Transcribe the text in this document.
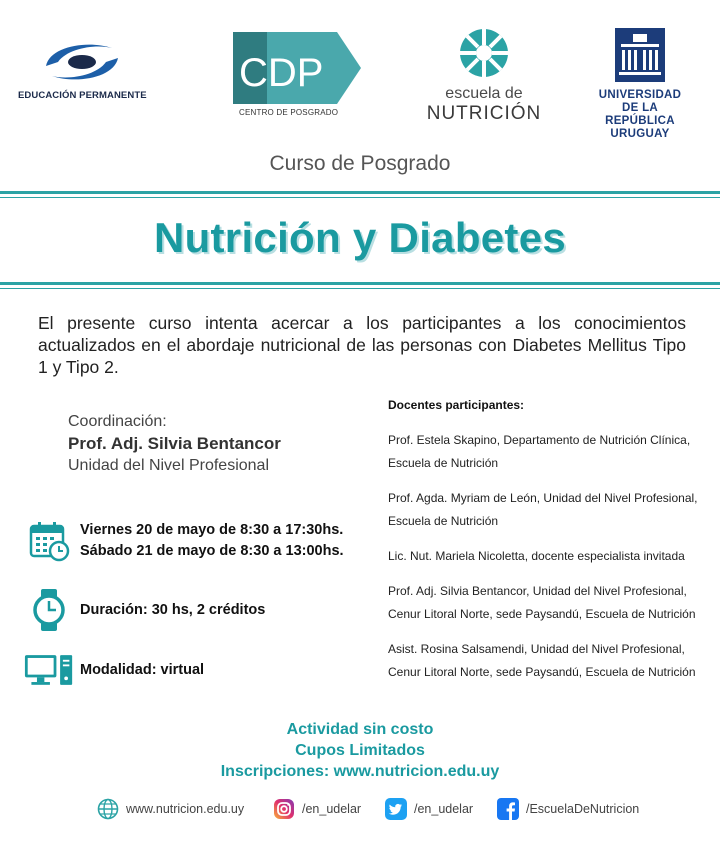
EDUCACIÓN PERMANENTE
CDP
CENTRO DE POSGRADO
escuela de
NUTRICIÓN
UNIVERSIDAD
DE LA REPÚBLICA
URUGUAY
Curso de Posgrado
Nutrición y Diabetes

El presente curso intenta acercar a los participantes a los conocimientos actualizados en el abordaje nutricional de las personas con Diabetes Mellitus Tipo 1 y Tipo 2.

Coordinación:
Prof. Adj. Silvia Bentancor
Unidad del Nivel Profesional
Viernes 20 de mayo de 8:30 a 17:30hs.
Sábado 21 de mayo de 8:30 a 13:00hs.
Duración: 30 hs, 2 créditos
Modalidad: virtual
Docentes participantes:
Prof. Estela Skapino, Departamento de Nutrición Clínica, Escuela de Nutrición
Prof. Agda. Myriam de León, Unidad del Nivel Profesional, Escuela de Nutrición
Lic. Nut. Mariela Nicoletta, docente especialista invitada
Prof. Adj. Silvia Bentancor, Unidad del Nivel Profesional, Cenur Litoral Norte, sede Paysandú, Escuela de Nutrición
Asist. Rosina Salsamendi, Unidad del Nivel Profesional, Cenur Litoral Norte, sede Paysandú, Escuela de Nutrición
Actividad sin costo
Cupos Limitados
Inscripciones: www.nutricion.edu.uy
www.nutricion.edu.uy	/en_udelar	/en_udelar	/EscuelaDeNutricion
